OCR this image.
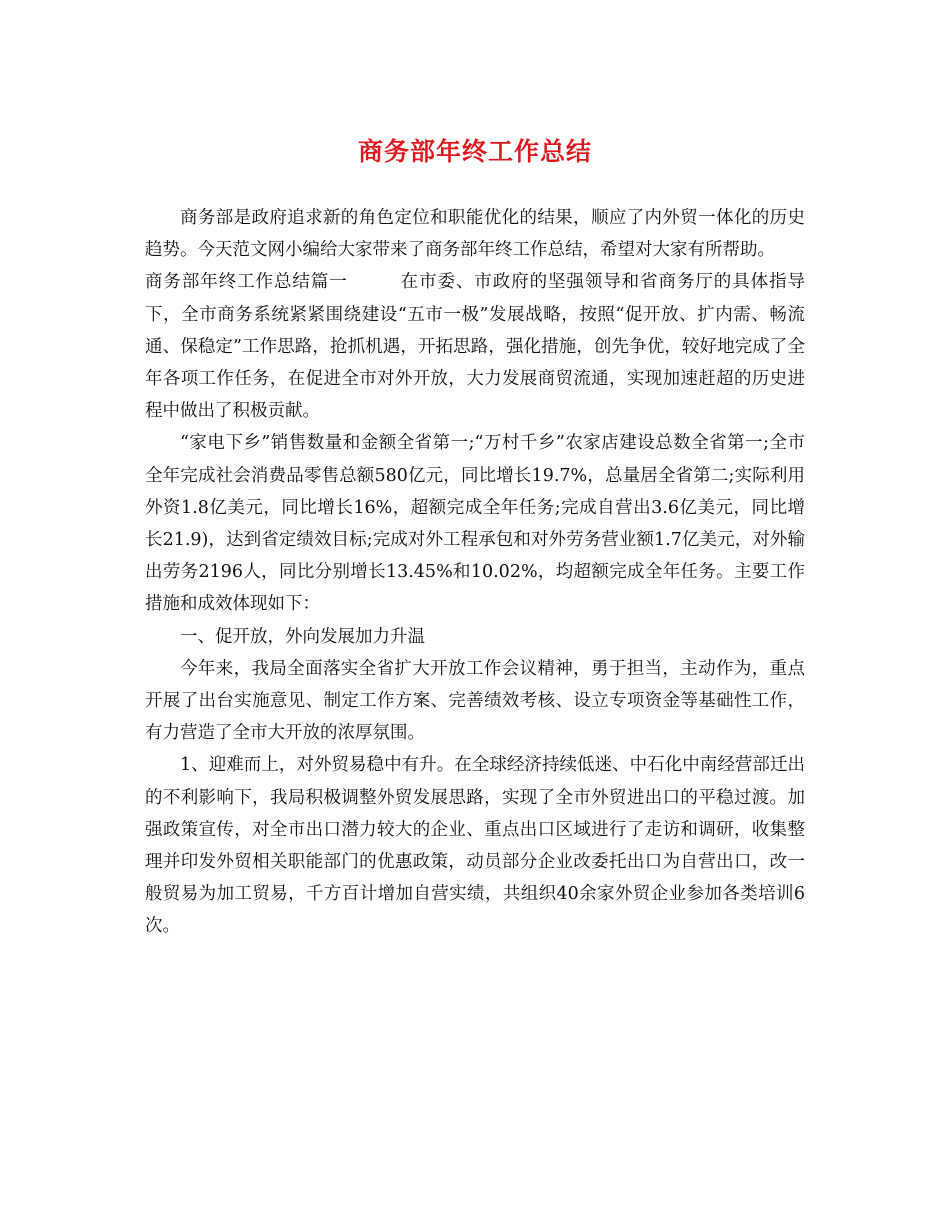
商务部年终工作总结

商务部是政府追求新的角色定位和职能优化的结果，顺应了内外贸一体化的历史趋势。今天范文网小编给大家带来了商务部年终工作总结，希望对大家有所帮助。

商务部年终工作总结篇一	在市委、市政府的坚强领导和省商务厅的具体指导下，全市商务系统紧紧围绕建设“五市一极”发展战略，按照“促开放、扩内需、畅流通、保稳定”工作思路，抢抓机遇，开拓思路，强化措施，创先争优，较好地完成了全年各项工作任务，在促进全市对外开放，大力发展商贸流通，实现加速赶超的历史进程中做出了积极贡献。

“家电下乡”销售数量和金额全省第一;“万村千乡”农家店建设总数全省第一;全市全年完成社会消费品零售总额580亿元，同比增长19.7%，总量居全省第二;实际利用外资1.8亿美元，同比增长16%，超额完成全年任务;完成自营出3.6亿美元，同比增长21.9)，达到省定绩效目标;完成对外工程承包和对外劳务营业额1.7亿美元，对外输出劳务2196人，同比分别增长13.45%和10.02%，均超额完成全年任务。主要工作措施和成效体现如下：

一、促开放，外向发展加力升温

今年来，我局全面落实全省扩大开放工作会议精神，勇于担当，主动作为，重点开展了出台实施意见、制定工作方案、完善绩效考核、设立专项资金等基础性工作，有力营造了全市大开放的浓厚氛围。

1、迎难而上，对外贸易稳中有升。在全球经济持续低迷、中石化中南经营部迁出的不利影响下，我局积极调整外贸发展思路，实现了全市外贸进出口的平稳过渡。加强政策宣传，对全市出口潜力较大的企业、重点出口区域进行了走访和调研，收集整理并印发外贸相关职能部门的优惠政策，动员部分企业改委托出口为自营出口，改一般贸易为加工贸易，千方百计增加自营实绩，共组织40余家外贸企业参加各类培训6次。
